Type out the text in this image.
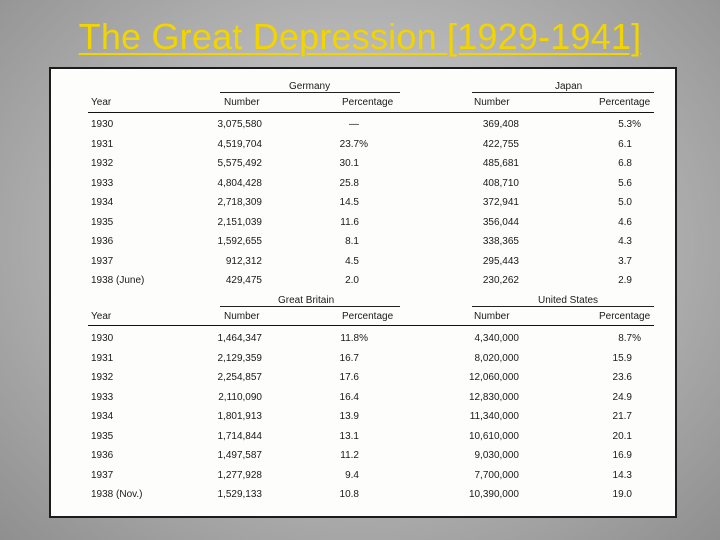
The Great Depression [1929-1941]
Germany	Japan
Year	Number	Percentage	Number	Percentage
1930	3,075,580	—	369,408	5.3%
1931	4,519,704	23.7%	422,755	6.1
1932	5,575,492	30.1	485,681	6.8
1933	4,804,428	25.8	408,710	5.6
1934	2,718,309	14.5	372,941	5.0
1935	2,151,039	11.6	356,044	4.6
1936	1,592,655	8.1	338,365	4.3
1937	912,312	4.5	295,443	3.7
1938 (June)	429,475	2.0	230,262	2.9
Great Britain	United States
Year	Number	Percentage	Number	Percentage
1930	1,464,347	11.8%	4,340,000	8.7%
1931	2,129,359	16.7	8,020,000	15.9
1932	2,254,857	17.6	12,060,000	23.6
1933	2,110,090	16.4	12,830,000	24.9
1934	1,801,913	13.9	11,340,000	21.7
1935	1,714,844	13.1	10,610,000	20.1
1936	1,497,587	11.2	9,030,000	16.9
1937	1,277,928	9.4	7,700,000	14.3
1938 (Nov.)	1,529,133	10.8	10,390,000	19.0
